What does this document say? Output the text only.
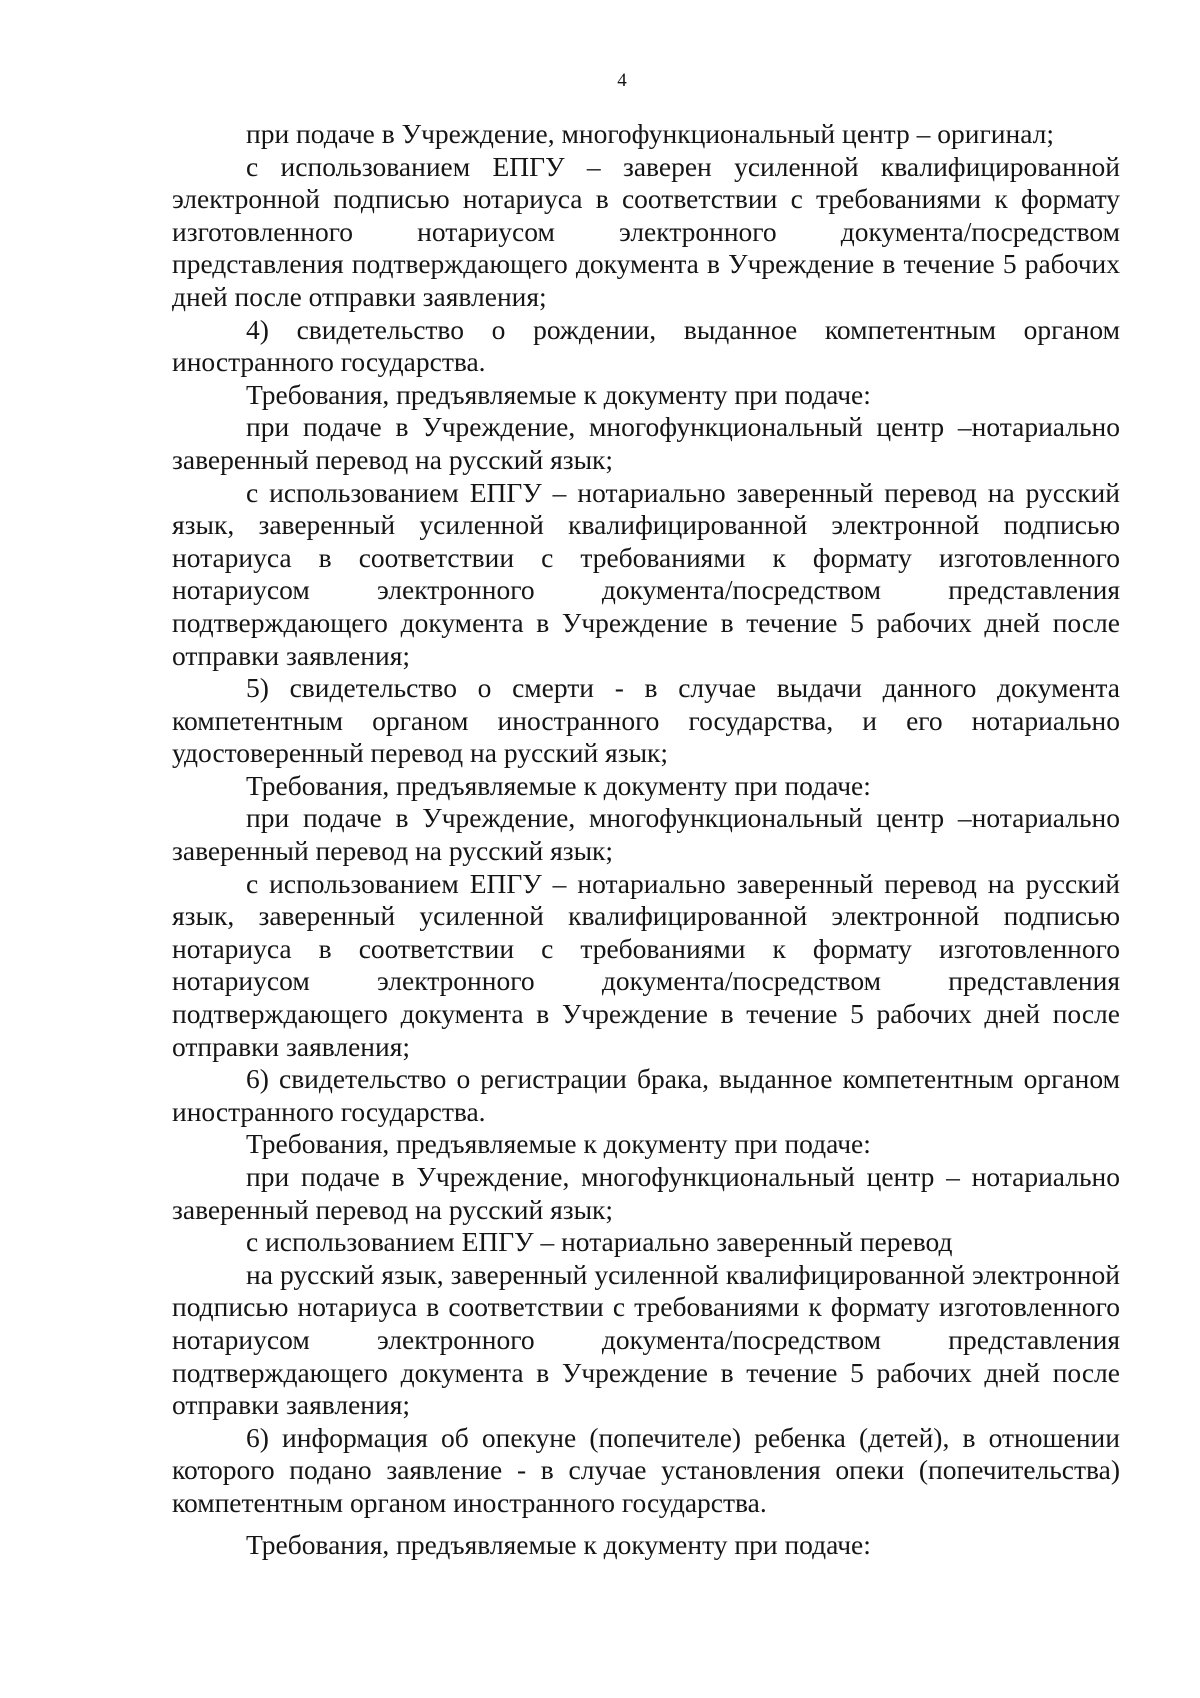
4

при подаче в Учреждение, многофункциональный центр – оригинал;

с использованием ЕПГУ – заверен усиленной квалифицированной электронной подписью нотариуса в соответствии с требованиями к формату изготовленного нотариусом электронного документа/посредством представления подтверждающего документа в Учреждение в течение 5 рабочих дней после отправки заявления;

4) свидетельство о рождении, выданное компетентным органом иностранного государства.

Требования, предъявляемые к документу при подаче:

при подаче в Учреждение, многофункциональный центр –нотариально заверенный перевод на русский язык;

с использованием ЕПГУ – нотариально заверенный перевод на русский язык, заверенный усиленной квалифицированной электронной подписью нотариуса в соответствии с требованиями к формату изготовленного нотариусом электронного документа/посредством представления подтверждающего документа в Учреждение в течение 5 рабочих дней после отправки заявления;

5) свидетельство о смерти - в случае выдачи данного документа компетентным органом иностранного государства, и его нотариально удостоверенный перевод на русский язык;

Требования, предъявляемые к документу при подаче:

при подаче в Учреждение, многофункциональный центр –нотариально заверенный перевод на русский язык;

с использованием ЕПГУ – нотариально заверенный перевод на русский язык, заверенный усиленной квалифицированной электронной подписью нотариуса в соответствии с требованиями к формату изготовленного нотариусом электронного документа/посредством представления подтверждающего документа в Учреждение в течение 5 рабочих дней после отправки заявления;

6) свидетельство о регистрации брака, выданное компетентным органом иностранного государства.

Требования, предъявляемые к документу при подаче:

при подаче в Учреждение, многофункциональный центр – нотариально заверенный перевод на русский язык;

с использованием ЕПГУ – нотариально заверенный перевод

на русский язык, заверенный усиленной квалифицированной электронной подписью нотариуса в соответствии с требованиями к формату изготовленного нотариусом электронного документа/посредством представления подтверждающего документа в Учреждение в течение 5 рабочих дней после отправки заявления;

6) информация об опекуне (попечителе) ребенка (детей), в отношении которого подано заявление - в случае установления опеки (попечительства) компетентным органом иностранного государства.

Требования, предъявляемые к документу при подаче:
